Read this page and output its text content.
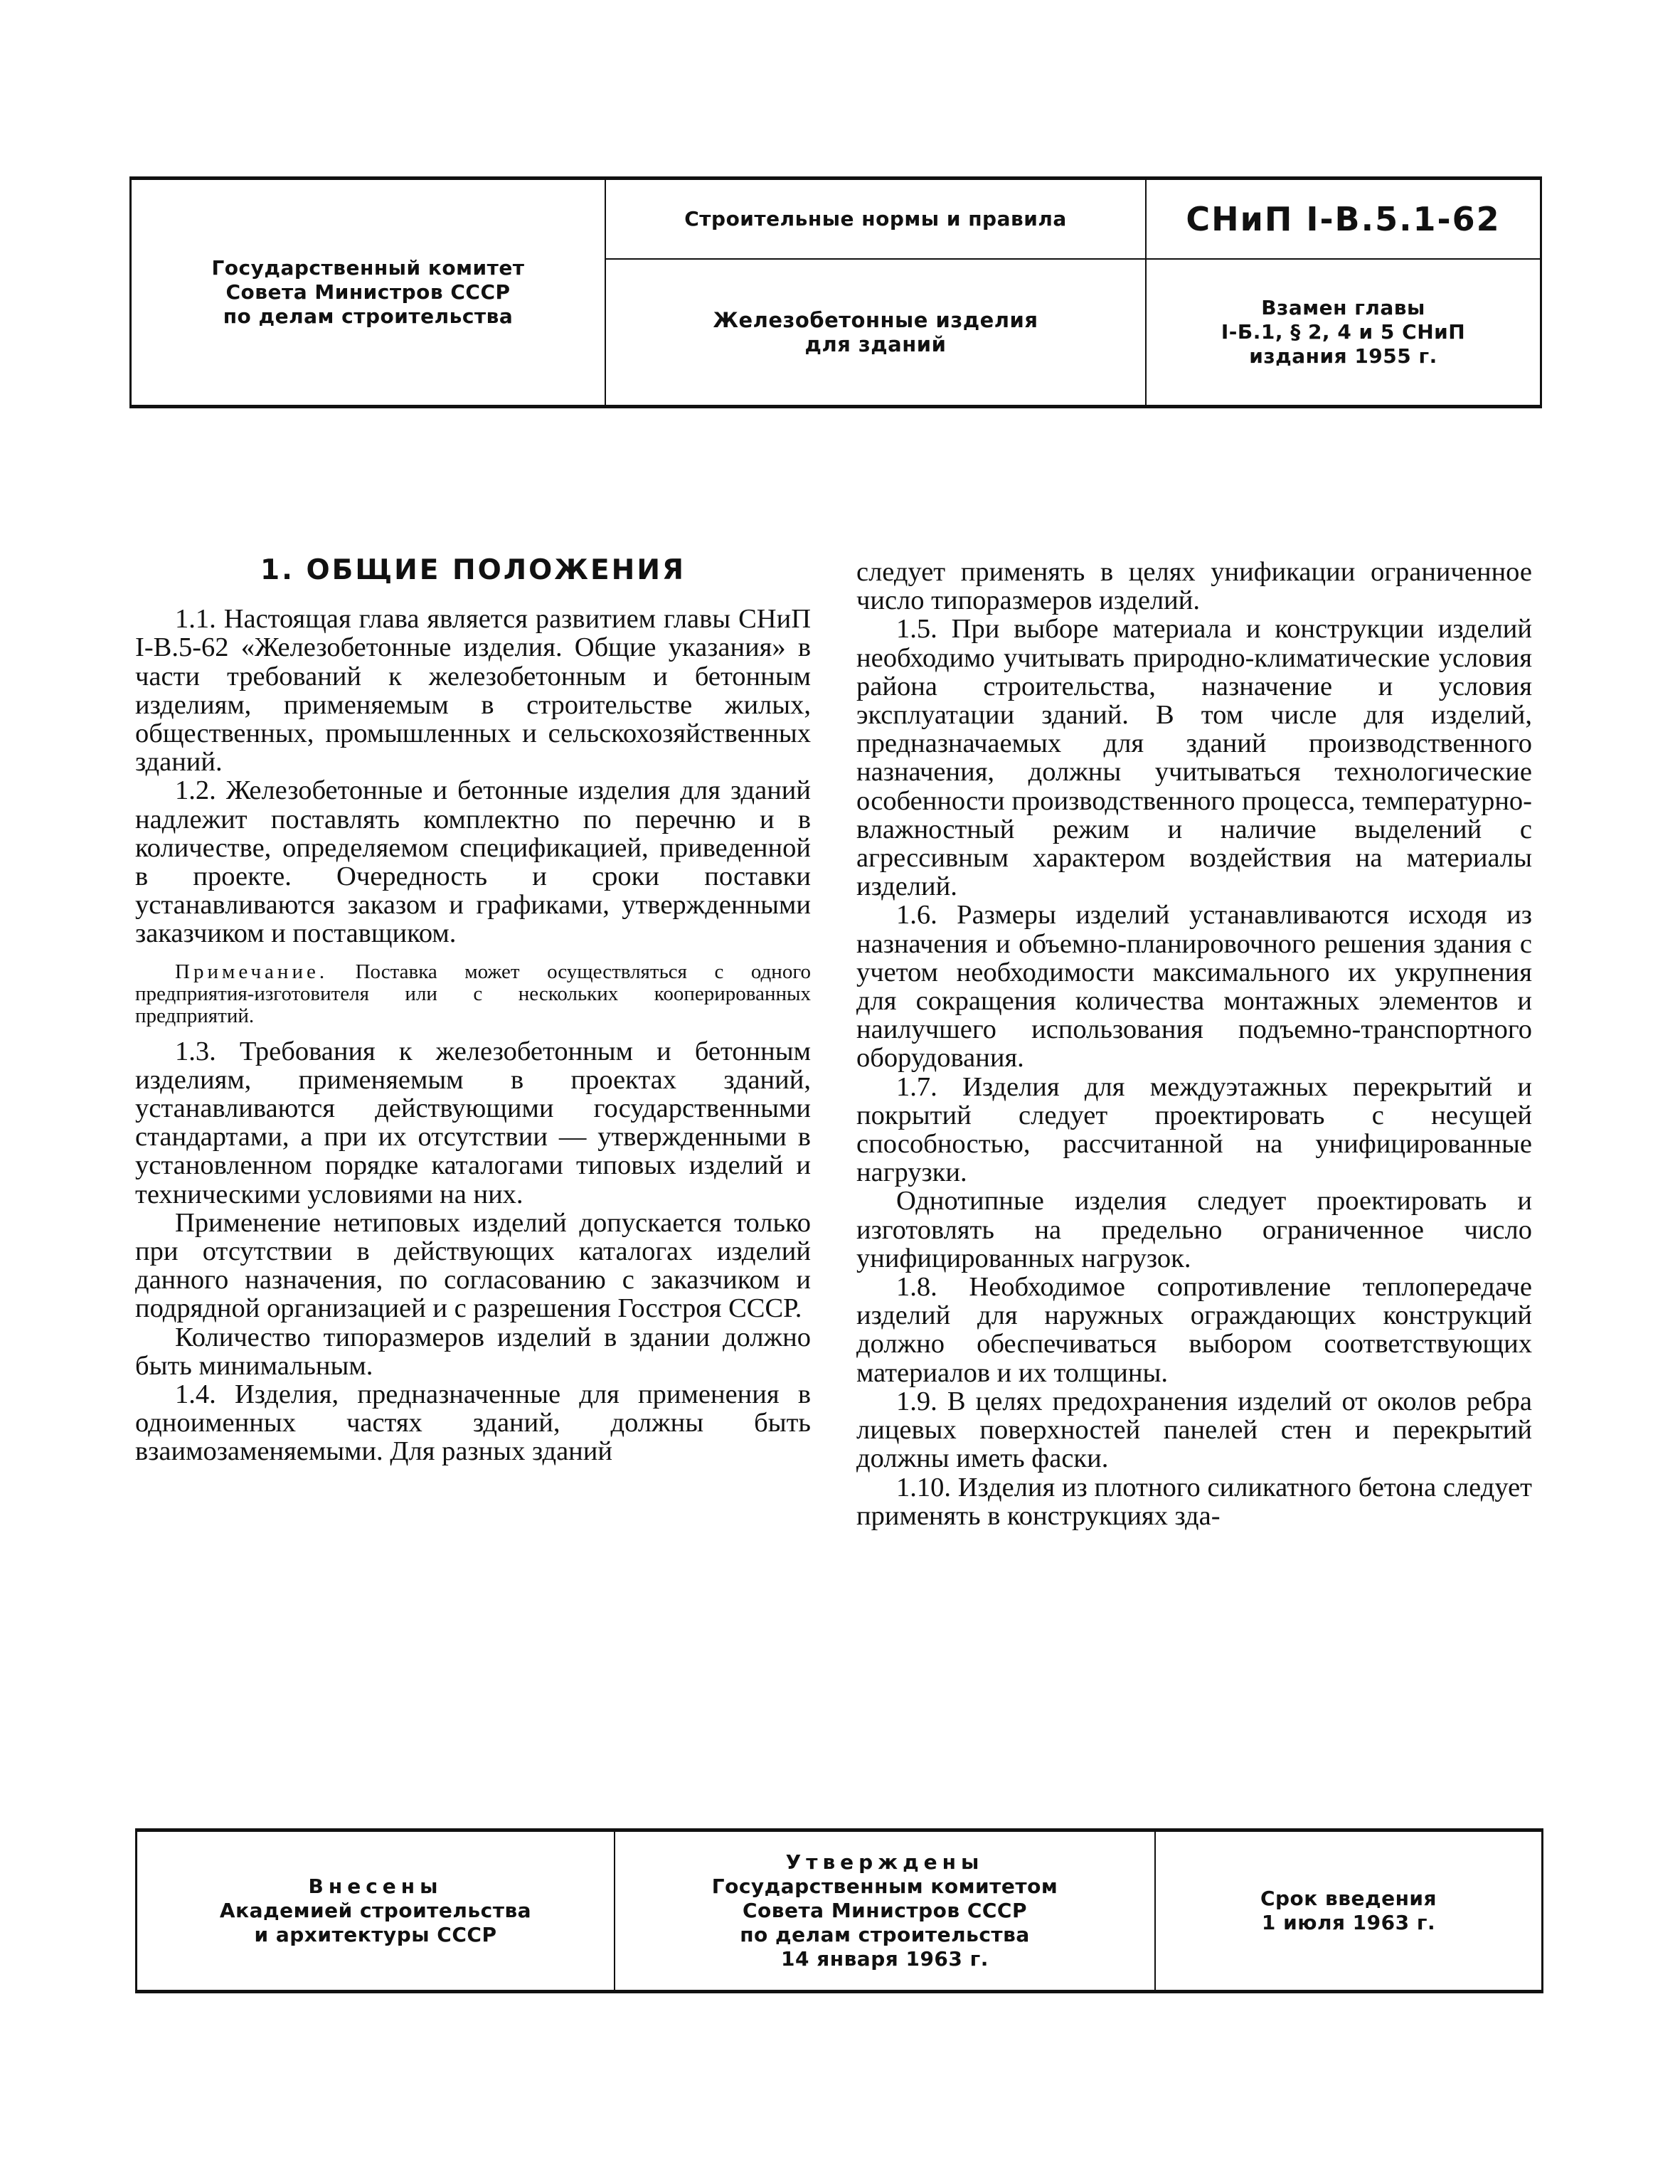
Государственный комитет
Совета Министров СССР
по делам строительства
Строительные нормы и правила	СНиП I-В.5.1-62
Железобетонные изделия
для зданий
Взамен главы
I-Б.1, § 2, 4 и 5 СНиП
издания 1955 г.
1. ОБЩИЕ ПОЛОЖЕНИЯ

1.1. Настоящая глава является развитием главы СНиП I-В.5-62 «Железобетонные изделия. Общие указания» в части требований к железобетонным и бетонным изделиям, применяемым в строительстве жилых, общественных, промышленных и сельскохозяйственных зданий.

1.2. Железобетонные и бетонные изделия для зданий надлежит поставлять комплектно по перечню и в количестве, определяемом спецификацией, приведенной в проекте. Очередность и сроки поставки устанавливаются заказом и графиками, утвержденными заказчиком и поставщиком.

Примечание. Поставка может осуществляться с одного предприятия-изготовителя или с нескольких кооперированных предприятий.

1.3. Требования к железобетонным и бетонным изделиям, применяемым в проектах зданий, устанавливаются действующими государственными стандартами, а при их отсутствии — утвержденными в установленном порядке каталогами типовых изделий и техническими условиями на них.

Применение нетиповых изделий допускается только при отсутствии в действующих каталогах изделий данного назначения, по согласованию с заказчиком и подрядной организацией и с разрешения Госстроя СССР.

Количество типоразмеров изделий в здании должно быть минимальным.

1.4. Изделия, предназначенные для применения в одноименных частях зданий, должны быть взаимозаменяемыми. Для разных зданий

следует применять в целях унификации ограниченное число типоразмеров изделий.

1.5. При выборе материала и конструкции изделий необходимо учитывать природно-климатические условия района строительства, назначение и условия эксплуатации зданий. В том числе для изделий, предназначаемых для зданий производственного назначения, должны учитываться технологические особенности производственного процесса, температурно-влажностный режим и наличие выделений с агрессивным характером воздействия на материалы изделий.

1.6. Размеры изделий устанавливаются исходя из назначения и объемно-планировочного решения здания с учетом необходимости максимального их укрупнения для сокращения количества монтажных элементов и наилучшего использования подъемно-транспортного оборудования.

1.7. Изделия для междуэтажных перекрытий и покрытий следует проектировать с несущей способностью, рассчитанной на унифицированные нагрузки.

Однотипные изделия следует проектировать и изготовлять на предельно ограниченное число унифицированных нагрузок.

1.8. Необходимое сопротивление теплопередаче изделий для наружных ограждающих конструкций должно обеспечиваться выбором соответствующих материалов и их толщины.

1.9. В целях предохранения изделий от околов ребра лицевых поверхностей панелей стен и перекрытий должны иметь фаски.

1.10. Изделия из плотного силикатного бетона следует применять в конструкциях зда-

Внесены
Академией строительства
и архитектуры СССР
Утверждены
Государственным комитетом
Совета Министров СССР
по делам строительства
14 января 1963 г.
Срок введения
1 июля 1963 г.
